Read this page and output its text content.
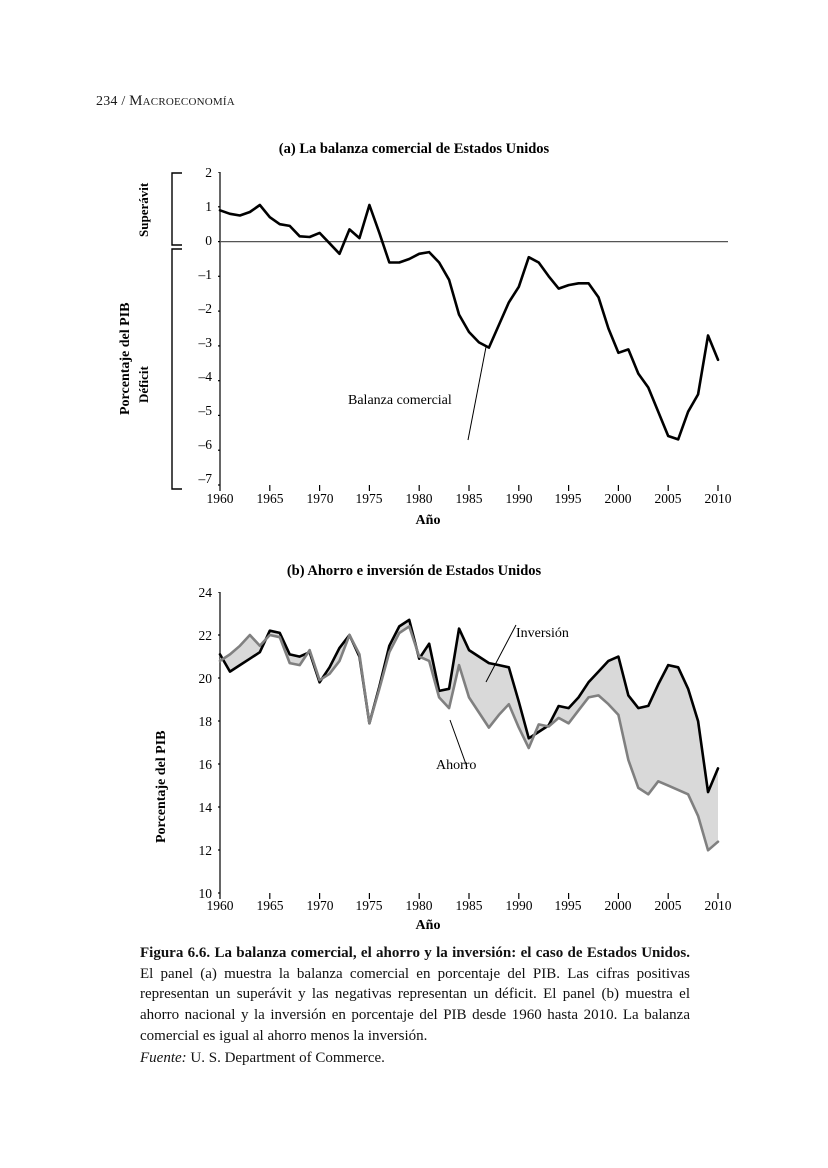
234 / Macroeconomía
(a) La balanza comercial de Estados Unidos
Porcentaje del PIB
Superávit
Déficit
2
1
0
–1
–2
–3
–4
–5
–6
–7
Balanza comercial
1960	1965	1970	1975	1980	1985	1990	1995	2000	2005	2010
Año
(b) Ahorro e inversión de Estados Unidos
Porcentaje del PIB
24
22
20
18
16
14
12
10
Inversión
Ahorro
1960	1965	1970	1975	1980	1985	1990	1995	2000	2005	2010
Año
Figura 6.6. La balanza comercial, el ahorro y la inversión: el caso de Estados Unidos. El panel (a) muestra la balanza comercial en porcentaje del PIB. Las cifras positivas representan un superávit y las negativas representan un déficit. El panel (b) muestra el ahorro nacional y la inversión en porcentaje del PIB desde 1960 hasta 2010. La balanza comercial es igual al ahorro menos la inversión.
Fuente: U. S. Department of Commerce.
